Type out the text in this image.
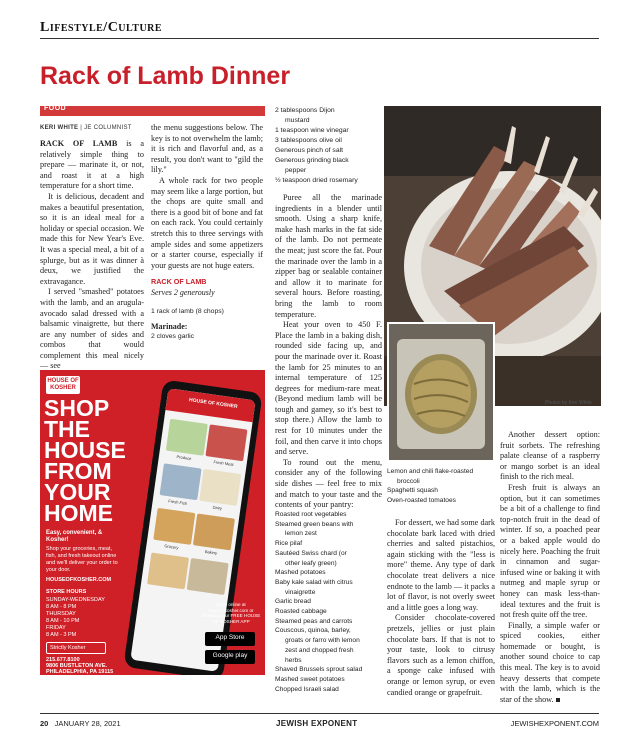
Lifestyle/Culture
Rack of Lamb Dinner
FOOD
KERI WHITE | JE COLUMNIST

RACK OF LAMB is a relatively simple thing to prepare — marinate it, or not, and roast it at a high temperature for a short time.

It is delicious, decadent and makes a beautiful presentation, so it is an ideal meal for a holiday or special occasion. We made this for New Year's Eve. It was a special meal, a bit of a splurge, but as it was dinner à deux, we justified the extravagance.

I served "smashed" potatoes with the lamb, and an arugula-avocado salad dressed with a balsamic vinaigrette, but there are any number of sides and combos that would complement this meal nicely — see

the menu suggestions below. The key is to not overwhelm the lamb; it is rich and flavorful and, as a result, you don't want to "gild the lily."

A whole rack for two people may seem like a large portion, but the chops are quite small and there is a good bit of bone and fat on each rack. You could certainly stretch this to three servings with ample sides and some appetizers or a starter course, especially if your guests are not huge eaters.

RACK OF LAMB
Serves 2 generously
1 rack of lamb (8 chops)
Marinade:
2 cloves garlic
2 tablespoons Dijon
mustard
1 teaspoon wine vinegar
3 tablespoons olive oil
Generous pinch of salt
Generous grinding black
pepper
½ teaspoon dried rosemary

Puree all the marinade ingredients in a blender until smooth. Using a sharp knife, make hash marks in the fat side of the lamb. Do not permeate the meat; just score the fat. Pour the marinade over the lamb in a zipper bag or sealable container and allow it to marinate for several hours. Before roasting, bring the lamb to room temperature.

Heat your oven to 450 F. Place the lamb in a baking dish, rounded side facing up, and pour the marinade over it. Roast the lamb for 25 minutes to an internal temperature of 125 degrees for medium-rare meat. (Beyond medium lamb will be tough and gamey, so it's best to stop there.) Allow the lamb to rest for 10 minutes under the foil, and then carve it into chops and serve.

To round out the menu, consider any of the following side dishes — feel free to mix and match to your taste and the contents of your pantry:

Roasted root vegetables
Steamed green beans with
lemon zest
Rice pilaf
Sautéed Swiss chard (or
other leafy green)
Mashed potatoes
Baby kale salad with citrus
vinaigrette
Garlic bread
Roasted cabbage
Steamed peas and carrots
Couscous, quinoa, barley,
groats or farro with lemon
zest and chopped fresh
herbs
Shaved Brussels sprout salad
Mashed sweet potatoes
Chopped Israeli salad
Photos by Keri White
Lemon and chili flake-roasted
broccoli
Spaghetti squash
Oven-roasted tomatoes

For dessert, we had some dark chocolate bark laced with dried cherries and salted pistachios, again sticking with the "less is more" theme. Any type of dark chocolate treat delivers a nice endnote to the lamb — it packs a lot of flavor, is not overly sweet and a little goes a long way.

Consider chocolate-covered pretzels, jellies or just plain chocolate bars. If that is not to your taste, look to citrusy flavors such as a lemon chiffon, a sponge cake infused with orange or lemon syrup, or even candied orange or grapefruit.

Another dessert option: fruit sorbets. The refreshing palate cleanse of a raspberry or mango sorbet is an ideal finish to the rich meal.

Fresh fruit is always an option, but it can sometimes be a bit of a challenge to find top-notch fruit in the dead of winter. If so, a poached pear or a baked apple would do nicely here. Poaching the fruit in cinnamon and sugar-infused wine or baking it with nutmeg and maple syrup or honey can mask less-than-ideal textures and the fruit is not fresh quite off the tree.

Finally, a simple wafer or spiced cookies, either homemade or bought, is another sound choice to cap this meal. The key is to avoid heavy desserts that compete with the lamb, which is the star of the show.

HOUSE OF KOSHER
SHOP
THE
HOUSE
FROM
YOUR
HOME
Easy, convenient, & Kosher!
Shop your groceries, meat, fish, and fresh takeout online and we'll deliver your order to your door.
HOUSEOFKOSHER.COM
STORE HOURS
SUNDAY-WEDNESDAY
8 AM - 8 PM
THURSDAY
8 AM - 10 PM
FRIDAY
8 AM - 3 PM
Strictly Kosher
215.677.8100
9806 BUSTLETON AVE.
PHILADELPHIA, PA 19115
HOUSE OF KOSHER
Produce
Fresh Meat
Fresh Fish
Dairy
Grocery
Bakery
Shop online at houseofkosher.com or download our FREE HOUSE OF KOSHER APP
App Store
Google play
20 JANUARY 28, 2021	JEWISH EXPONENT	JEWISHEXPONENT.COM
